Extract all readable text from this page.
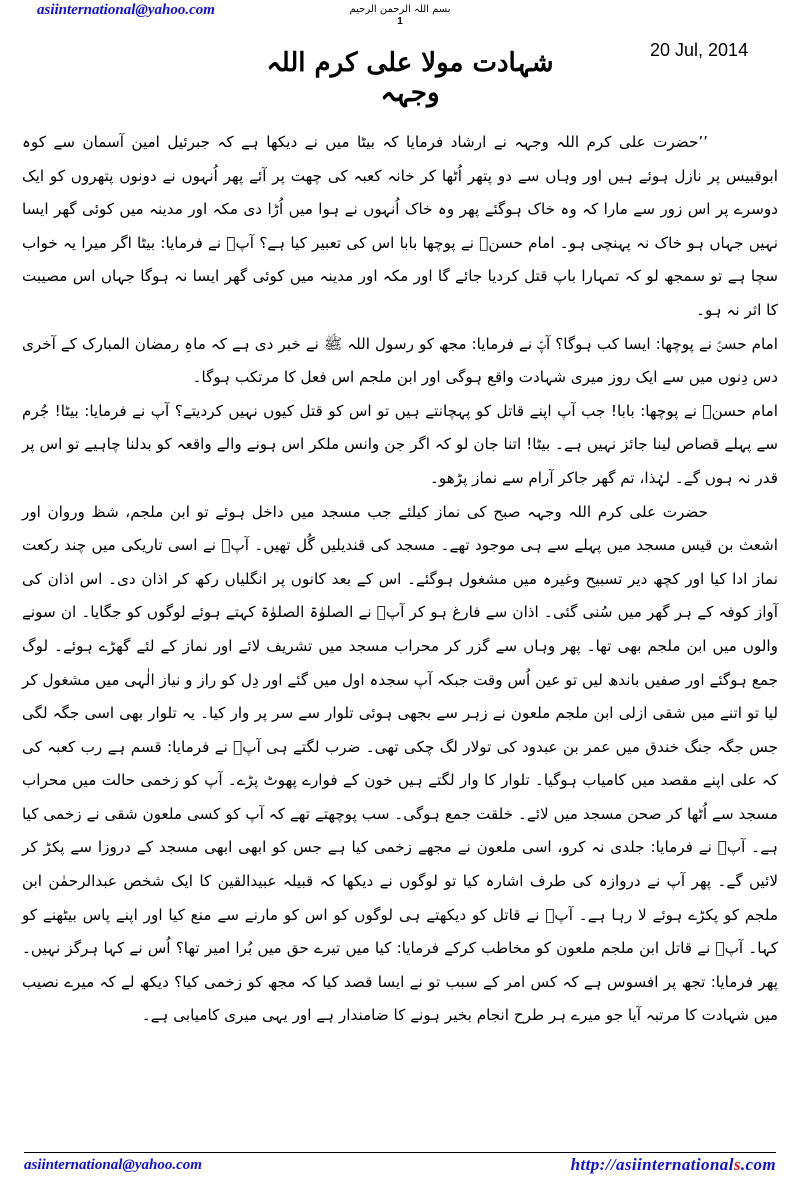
asiinternational@yahoo.com	بسم اللہ الرحمن الرحیم
1
20 Jul, 2014
شہادت مولا علی کرم اللہ وجہہ

’’حضرت علی کرم اللہ وجہہ نے ارشاد فرمایا کہ بیٹا میں نے دیکھا ہے کہ جبرئیل امین آسمان سے کوہ ابوقبیس پر نازل ہوئے ہیں اور وہاں سے دو پتھر اُٹھا کر خانہ کعبہ کی چھت پر آئے پھر اُنہوں نے دونوں پتھروں کو ایک دوسرے پر اس زور سے مارا کہ وہ خاک ہوگئے پھر وہ خاک اُنہوں نے ہوا میں اُڑا دی مکہ اور مدینہ میں کوئی گھر ایسا نہیں جہاں ہو خاک نہ پہنچی ہو۔ امام حسنؑ نے پوچھا بابا اس کی تعبیر کیا ہے؟ آپؑ نے فرمایا: بیٹا اگر میرا یہ خواب سچا ہے تو سمجھ لو کہ تمہارا باپ قتل کردیا جائے گا اور مکہ اور مدینہ میں کوئی گھر ایسا نہ ہوگا جہاں اس مصیبت کا اثر نہ ہو۔

امام حسنؑ نے پوچھا: ایسا کب ہوگا؟ آپؑ نے فرمایا: مجھ کو رسول اللہ ﷺ نے خبر دی ہے کہ ماہِ رمضان المبارک کے آخری دس دِنوں میں سے ایک روز میری شہادت واقع ہوگی اور ابن ملجم اس فعل کا مرتکب ہوگا۔

امام حسنؑ نے پوچھا: بابا! جب آپ اپنے قاتل کو پہچانتے ہیں تو اس کو قتل کیوں نہیں کردیتے؟ آپ نے فرمایا: بیٹا! جُرم سے پہلے قصاص لینا جائز نہیں ہے۔ بیٹا! اتنا جان لو کہ اگر جن وانس ملکر اس ہونے والے واقعہ کو بدلنا چاہیے تو اس پر قدر نہ ہوں گے۔ لہٰذا، تم گھر جاکر آرام سے نماز پڑھو۔

حضرت علی کرم اللہ وجہہ صبح کی نماز کیلئے جب مسجد میں داخل ہوئے تو ابن ملجم، شظ وروان اور اشعث بن قیس مسجد میں پہلے سے ہی موجود تھے۔ مسجد کی قندیلیں گُل تھیں۔ آپؑ نے اسی تاریکی میں چند رکعت نماز ادا کیا اور کچھ دیر تسبیح وغیرہ میں مشغول ہوگئے۔ اس کے بعد کانوں پر انگلیاں رکھ کر اذان دی۔ اس اذان کی آواز کوفہ کے ہر گھر میں سُنی گئی۔ اذان سے فارغ ہو کر آپؑ نے الصلوٰۃ الصلوٰۃ کہتے ہوئے لوگوں کو جگایا۔ ان سونے والوں میں ابن ملجم بھی تھا۔ پھر وہاں سے گزر کر محراب مسجد میں تشریف لائے اور نماز کے لئے گھڑے ہوئے۔ لوگ جمع ہوگئے اور صفیں باندھ لیں تو عین اُس وقت جبکہ آپ سجدہ اول میں گئے اور دِل کو راز و نیاز الٰہی میں مشغول کر لیا تو اتنے میں شقی ازلی ابن ملجم ملعون نے زہر سے بجھی ہوئی تلوار سے سر پر وار کیا۔ یہ تلوار بھی اسی جگہ لگی جس جگہ جنگ خندق میں عمر بن عبدود کی تولار لگ چکی تھی۔ ضرب لگتے ہی آپؑ نے فرمایا: قسم ہے رب کعبہ کی کہ علی اپنے مقصد میں کامیاب ہوگیا۔ تلوار کا وار لگتے ہیں خون کے فوارے پھوٹ پڑے۔ آپ کو زخمی حالت میں محراب مسجد سے اُٹھا کر صحن مسجد میں لائے۔ خلقت جمع ہوگی۔ سب پوچھتے تھے کہ آپ کو کسی ملعون شقی نے زخمی کیا ہے۔ آپؑ نے فرمایا: جلدی نہ کرو، اسی ملعون نے مجھے زخمی کیا ہے جس کو ابھی ابھی مسجد کے دروزا سے پکڑ کر لائیں گے۔ پھر آپ نے دروازہ کی طرف اشارہ کیا تو لوگوں نے دیکھا کہ قبیلہ عبیدالقین کا ایک شخص عبدالرحمٰن ابن ملجم کو پکڑے ہوئے لا رہا ہے۔ آپؑ نے قاتل کو دیکھتے ہی لوگوں کو اس کو مارنے سے منع کیا اور اپنے پاس بیٹھنے کو کہا۔ آپؑ نے قاتل ابن ملجم ملعون کو مخاطب کرکے فرمایا: کیا میں تیرے حق میں بُرا امیر تھا؟ اُس نے کہا ہرگز نہیں۔ پھر فرمایا: تجھ پر افسوس ہے کہ کس امر کے سبب تو نے ایسا قصد کیا کہ مجھ کو زخمی کیا؟ دیکھ لے کہ میرے نصیب میں شہادت کا مرتبہ آیا جو میرے ہر طرح انجام بخیر ہونے کا ضامندار ہے اور یہی میری کامیابی ہے۔

asiinternational@yahoo.com	http://asiinternationals.com
